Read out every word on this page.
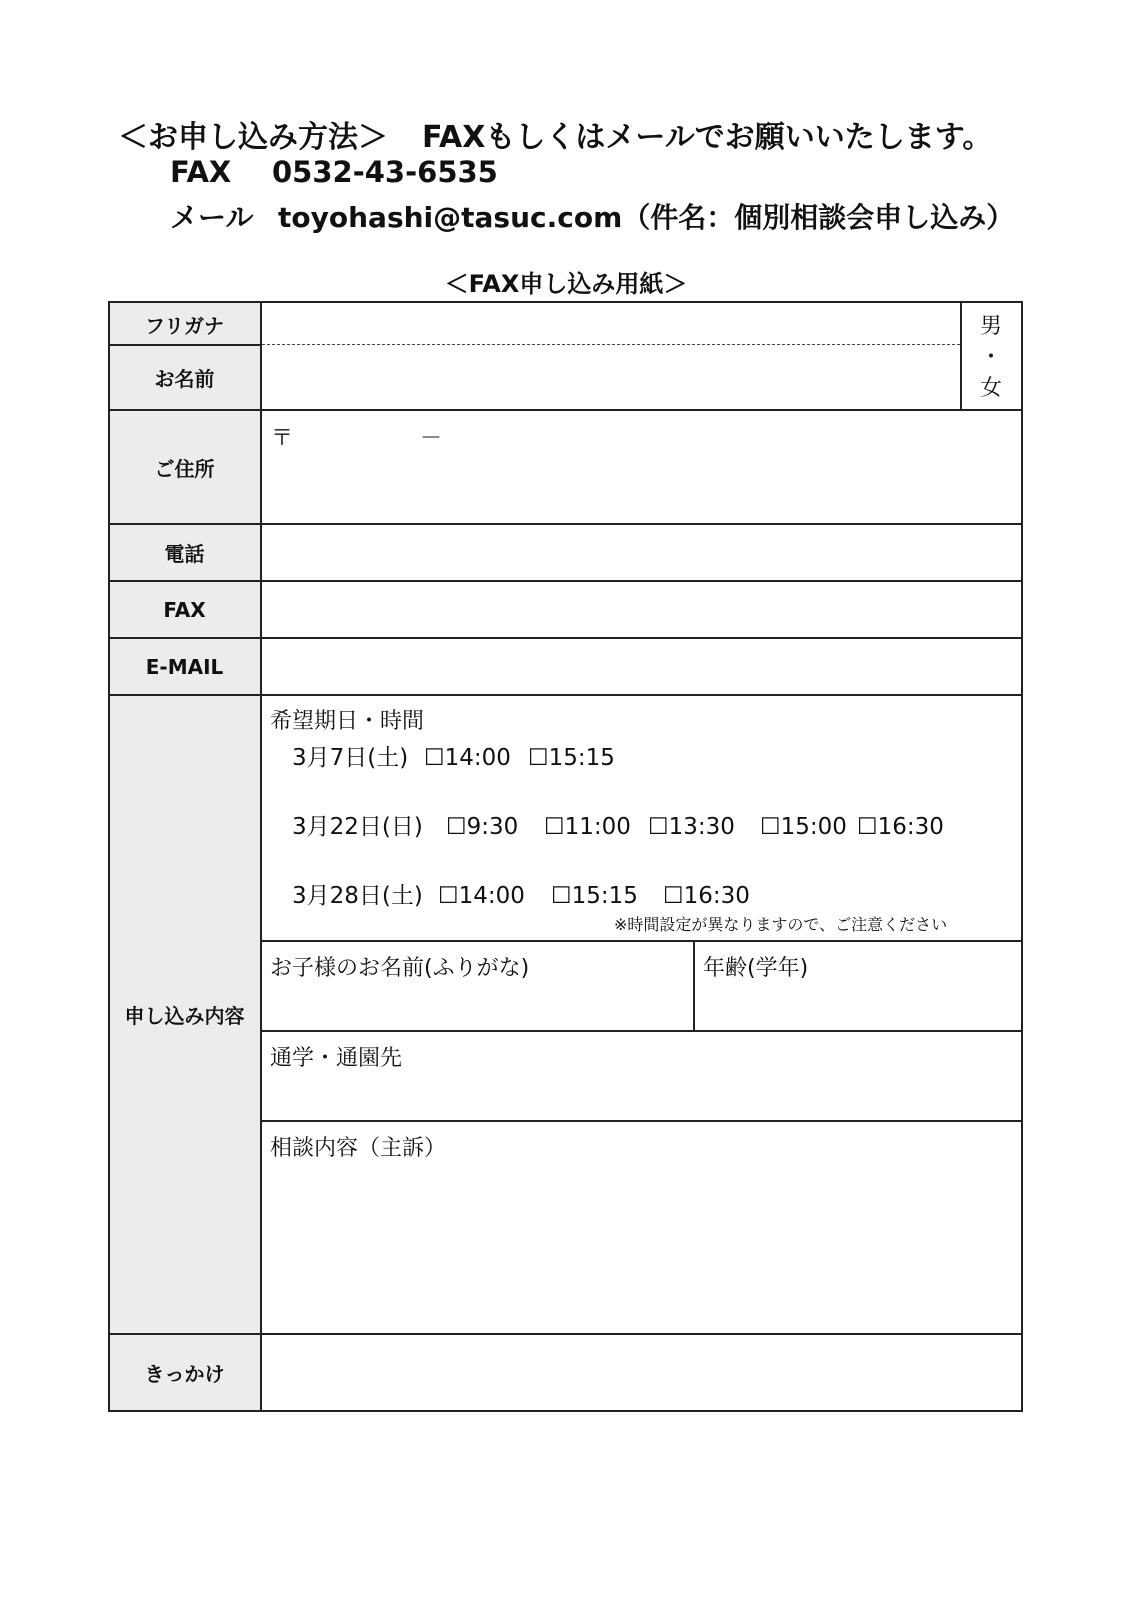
＜お申し込み方法＞ FAXもしくはメールでお願いいたします。
FAX 0532-43-6535
メール toyohashi@tasuc.com（件名：個別相談会申し込み）
＜FAX申し込み用紙＞
フリガナ
お名前
ご住所
電話
FAX
E-MAIL
申し込み内容
きっかけ
男
・
女
〒	－
希望期日・時間
3月7日(土) ☐14:00 ☐15:15
3月22日(日) ☐9:30 ☐11:00 ☐13:30 ☐15:00 ☐16:30
3月28日(土) ☐14:00 ☐15:15 ☐16:30
※時間設定が異なりますので、ご注意ください
お子様のお名前(ふりがな)	年齢(学年)
通学・通園先
相談内容（主訴）
